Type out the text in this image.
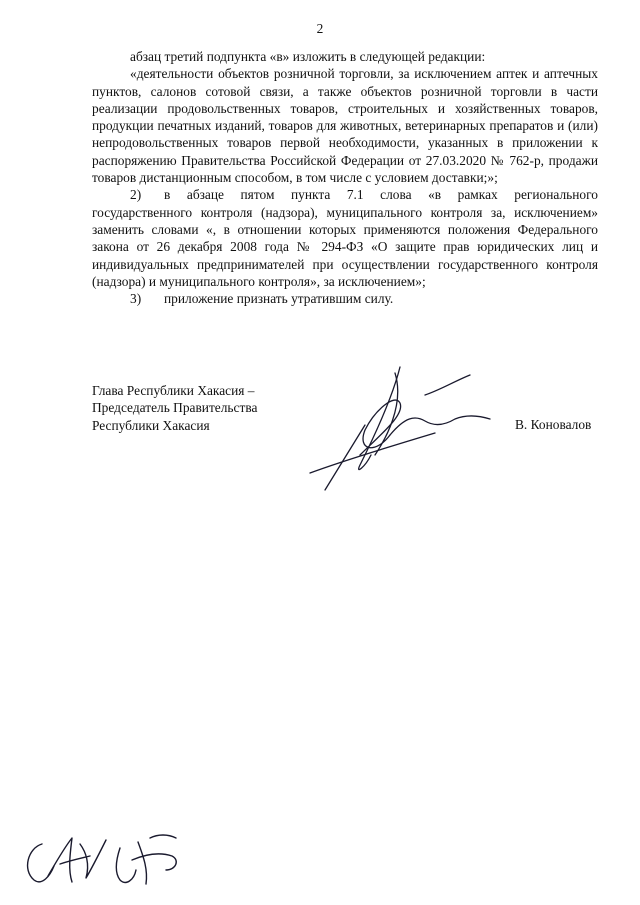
2

абзац третий подпункта «в» изложить в следующей редакции:

«деятельности объектов розничной торговли, за исключением аптек и аптечных пунктов, салонов сотовой связи, а также объектов розничной торговли в части реализации продовольственных товаров, строительных и хозяйственных товаров, продукции печатных изданий, товаров для животных, ветеринарных препаратов и (или) непродовольственных товаров первой необходимости, указанных в приложении к распоряжению Правительства Российской Федерации от 27.03.2020 № 762-р, продажи товаров дистанционным способом, в том числе с условием доставки;»;

2)	в абзаце пятом пункта 7.1 слова «в рамках регионального

государственного контроля (надзора), муниципального контроля за, исключением» заменить словами «, в отношении которых применяются положения Федерального закона от 26 декабря 2008 года № 294-ФЗ «О защите прав юридических лиц и индивидуальных предпринимателей при осуществлении государственного контроля (надзора) и муниципального контроля», за исключением»;

3)	приложение признать утратившим силу.

Глава Республики Хакасия –

Председатель Правительства

Республики Хакасия	В. Коновалов
